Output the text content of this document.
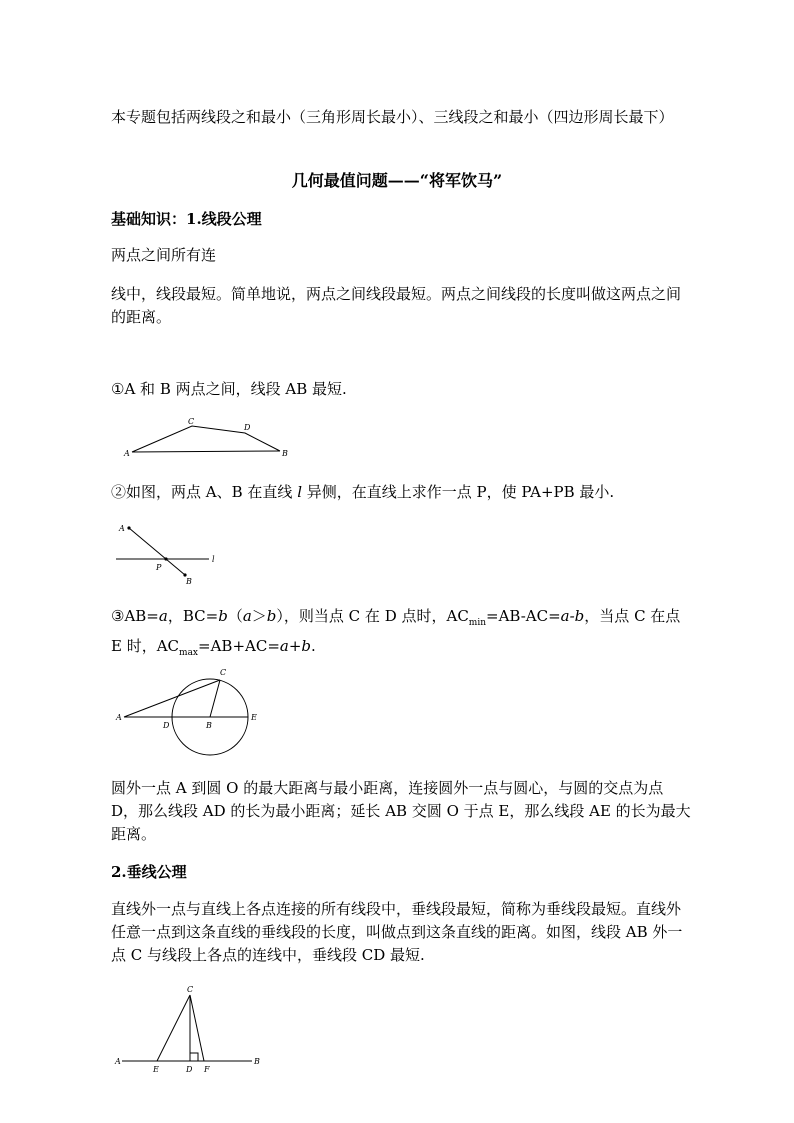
本专题包括两线段之和最小（三角形周长最小）、三线段之和最小（四边形周长最下）

几何最值问题——“将军饮马”

基础知识：1.线段公理

两点之间所有连

线中，线段最短。简单地说，两点之间线段最短。两点之间线段的长度叫做这两点之间的距离。

①A 和 B 两点之间，线段 AB 最短.

A
C
D
B

②如图，两点 A、B 在直线 l 异侧，在直线上求作一点 P，使 PA+PB 最小.

A
P
B
l

③AB=a，BC=b（a＞b），则当点 C 在 D 点时，$AC_{min}=AB-AC=a-b$，当点 C 在点 E 时，$AC_{max}=AB+AC=a+b$.

A
D	B
E
C

圆外一点 A 到圆 O 的最大距离与最小距离，连接圆外一点与圆心，与圆的交点为点 D，那么线段 AD 的长为最小距离；延长 AB 交圆 O 于点 E，那么线段 AE 的长为最大距离。

2.垂线公理

直线外一点与直线上各点连接的所有线段中，垂线段最短，简称为垂线段最短。直线外任意一点到这条直线的垂线段的长度，叫做点到这条直线的距离。如图，线段 AB 外一点 C 与线段上各点的连线中，垂线段 CD 最短.

C
A
E	D F
B
